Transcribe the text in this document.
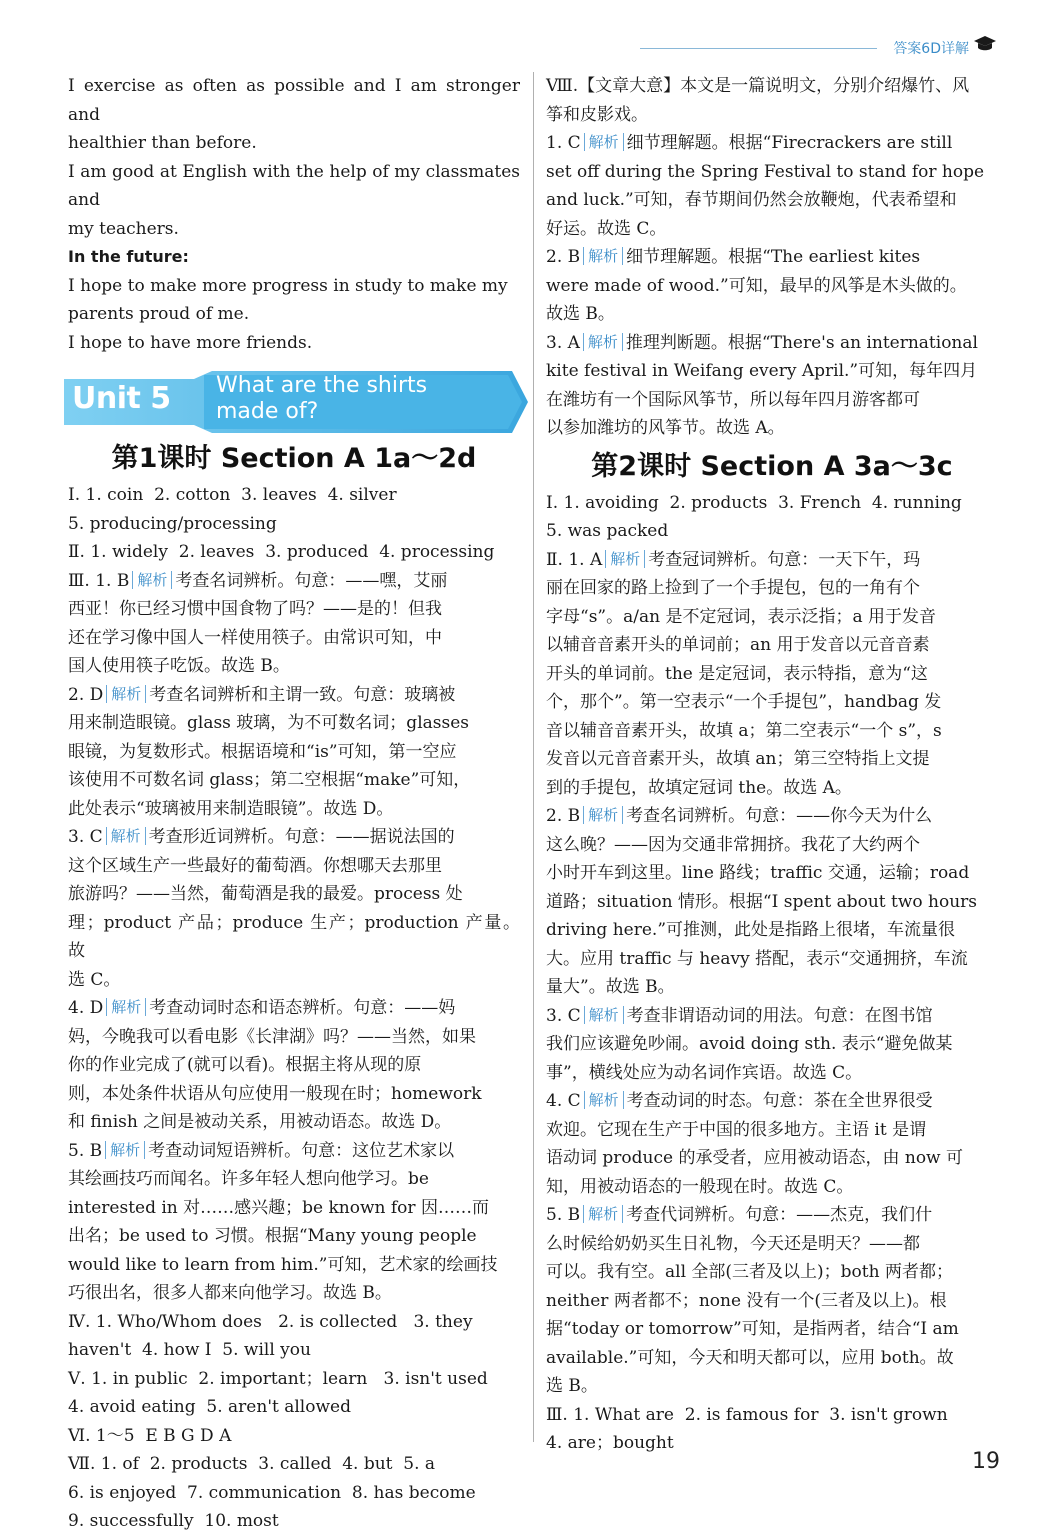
答案6D详解

I exercise as often as possible and I am stronger and

healthier than before.

I am good at English with the help of my classmates and

my teachers.

In the future:

I hope to make more progress in study to make my

parents proud of me.

I hope to have more friends.

Unit 5 What are the shirts
made of?
第1课时 Section A 1a～2d

Ⅰ. 1. coin  2. cotton  3. leaves  4. silver

5. producing/processing

Ⅱ. 1. widely  2. leaves  3. produced  4. processing

Ⅲ. 1. B 解析 考查名词辨析。句意：——嘿，艾丽

西亚！你已经习惯中国食物了吗？——是的！但我

还在学习像中国人一样使用筷子。由常识可知，中

国人使用筷子吃饭。故选 B。

2. D 解析 考查名词辨析和主谓一致。句意：玻璃被

用来制造眼镜。glass 玻璃，为不可数名词；glasses

眼镜，为复数形式。根据语境和“is”可知，第一空应

该使用不可数名词 glass；第二空根据“make”可知，

此处表示“玻璃被用来制造眼镜”。故选 D。

3. C 解析 考查形近词辨析。句意：——据说法国的

这个区域生产一些最好的葡萄酒。你想哪天去那里

旅游吗？——当然，葡萄酒是我的最爱。process 处

理；product 产品；produce 生产；production 产量。故

选 C。

4. D 解析 考查动词时态和语态辨析。句意：——妈

妈，今晚我可以看电影《长津湖》吗？——当然，如果

你的作业完成了(就可以看)。根据主将从现的原

则，本处条件状语从句应使用一般现在时；homework

和 finish 之间是被动关系，用被动语态。故选 D。

5. B 解析 考查动词短语辨析。句意：这位艺术家以

其绘画技巧而闻名。许多年轻人想向他学习。be

interested in 对……感兴趣；be known for 因……而

出名；be used to 习惯。根据“Many young people

would like to learn from him.”可知，艺术家的绘画技

巧很出名，很多人都来向他学习。故选 B。

Ⅳ. 1. Who/Whom does   2. is collected   3. they

haven't  4. how I  5. will you

Ⅴ. 1. in public  2. important；learn   3. isn't used

4. avoid eating  5. aren't allowed

Ⅵ. 1～5  E B G D A

Ⅶ. 1. of  2. products  3. called  4. but  5. a

6. is enjoyed  7. communication  8. has become

9. successfully  10. most

Ⅷ.【文章大意】本文是一篇说明文，分别介绍爆竹、风

筝和皮影戏。

1. C 解析 细节理解题。根据“Firecrackers are still

set off during the Spring Festival to stand for hope

and luck.”可知，春节期间仍然会放鞭炮，代表希望和

好运。故选 C。

2. B 解析 细节理解题。根据“The earliest kites

were made of wood.”可知，最早的风筝是木头做的。

故选 B。

3. A 解析 推理判断题。根据“There's an international

kite festival in Weifang every April.”可知，每年四月

在潍坊有一个国际风筝节，所以每年四月游客都可

以参加潍坊的风筝节。故选 A。

第2课时 Section A 3a～3c

Ⅰ. 1. avoiding  2. products  3. French  4. running

5. was packed

Ⅱ. 1. A 解析 考查冠词辨析。句意：一天下午，玛

丽在回家的路上捡到了一个手提包，包的一角有个

字母“s”。a/an 是不定冠词，表示泛指；a 用于发音

以辅音音素开头的单词前；an 用于发音以元音音素

开头的单词前。the 是定冠词，表示特指，意为“这

个，那个”。第一空表示“一个手提包”，handbag 发

音以辅音音素开头，故填 a；第二空表示“一个 s”，s

发音以元音音素开头，故填 an；第三空特指上文提

到的手提包，故填定冠词 the。故选 A。

2. B 解析 考查名词辨析。句意：——你今天为什么

这么晚？——因为交通非常拥挤。我花了大约两个

小时开车到这里。line 路线；traffic 交通，运输；road

道路；situation 情形。根据“I spent about two hours

driving here.”可推测，此处是指路上很堵，车流量很

大。应用 traffic 与 heavy 搭配，表示“交通拥挤，车流

量大”。故选 B。

3. C 解析 考查非谓语动词的用法。句意：在图书馆

我们应该避免吵闹。avoid doing sth. 表示“避免做某

事”，横线处应为动名词作宾语。故选 C。

4. C 解析 考查动词的时态。句意：茶在全世界很受

欢迎。它现在生产于中国的很多地方。主语 it 是谓

语动词 produce 的承受者，应用被动语态，由 now 可

知，用被动语态的一般现在时。故选 C。

5. B 解析 考查代词辨析。句意：——杰克，我们什

么时候给奶奶买生日礼物，今天还是明天？——都

可以。我有空。all 全部(三者及以上)；both 两者都；

neither 两者都不；none 没有一个(三者及以上)。根

据“today or tomorrow”可知，是指两者，结合“I am

available.”可知，今天和明天都可以，应用 both。故

选 B。

Ⅲ. 1. What are  2. is famous for  3. isn't grown

4. are；bought

19
